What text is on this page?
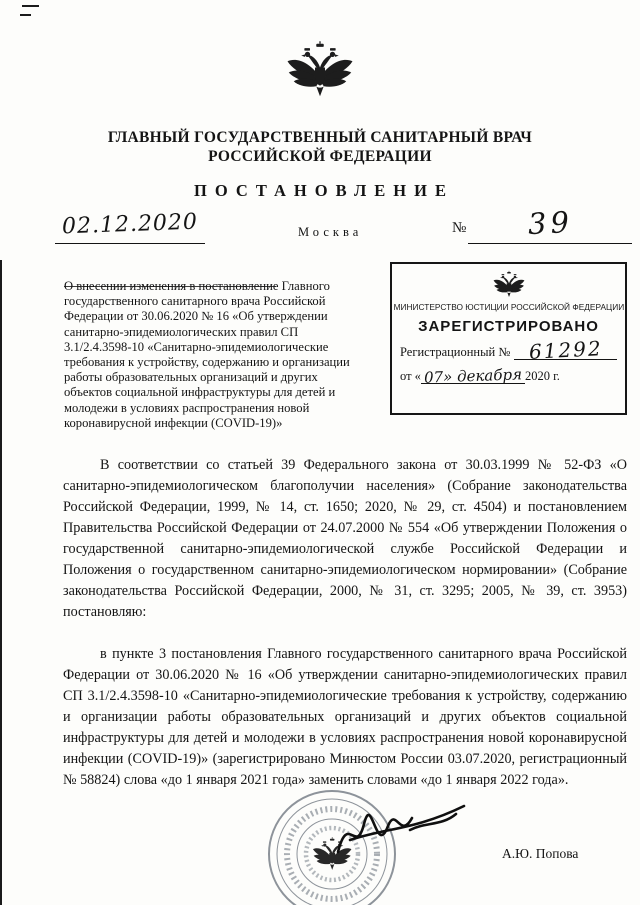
ГЛАВНЫЙ ГОСУДАРСТВЕННЫЙ САНИТАРНЫЙ ВРАЧ
РОССИЙСКОЙ ФЕДЕРАЦИИ
ПОСТАНОВЛЕНИЕ
02.12.2020	Москва	№	39
О внесении изменения в постановление Главного государственного санитарного врача Российской Федерации от 30.06.2020 № 16 «Об утверждении санитарно-эпидемиологических правил СП 3.1/2.4.3598-10 «Санитарно-эпидемиологические требования к устройству, содержанию и организации работы образовательных организаций и других объектов социальной инфраструктуры для детей и молодежи в условиях распространения новой коронавирусной инфекции (COVID-19)»
МИНИСТЕРСТВО ЮСТИЦИИ РОССИЙСКОЙ ФЕДЕРАЦИИ
ЗАРЕГИСТРИРОВАНО
Регистрационный № 61292
от « 07» декабря 2020 г.

В соответствии со статьей 39 Федерального закона от 30.03.1999 № 52-ФЗ «О санитарно-эпидемиологическом благополучии населения» (Собрание законодательства Российской Федерации, 1999, № 14, ст. 1650; 2020, № 29, ст. 4504) и постановлением Правительства Российской Федерации от 24.07.2000 № 554 «Об утверждении Положения о государственной санитарно-эпидемиологической службе Российской Федерации и Положения о государственном санитарно-эпидемиологическом нормировании» (Собрание законодательства Российской Федерации, 2000, № 31, ст. 3295; 2005, № 39, ст. 3953) постановляю:

в пункте 3 постановления Главного государственного санитарного врача Российской Федерации от 30.06.2020 № 16 «Об утверждении санитарно-эпидемиологических правил СП 3.1/2.4.3598-10 «Санитарно-эпидемиологические требования к устройству, содержанию и организации работы образовательных организаций и других объектов социальной инфраструктуры для детей и молодежи в условиях распространения новой коронавирусной инфекции (COVID-19)» (зарегистрировано Минюстом России 03.07.2020, регистрационный № 58824) слова «до 1 января 2021 года» заменить словами «до 1 января 2022 года».

А.Ю. Попова
